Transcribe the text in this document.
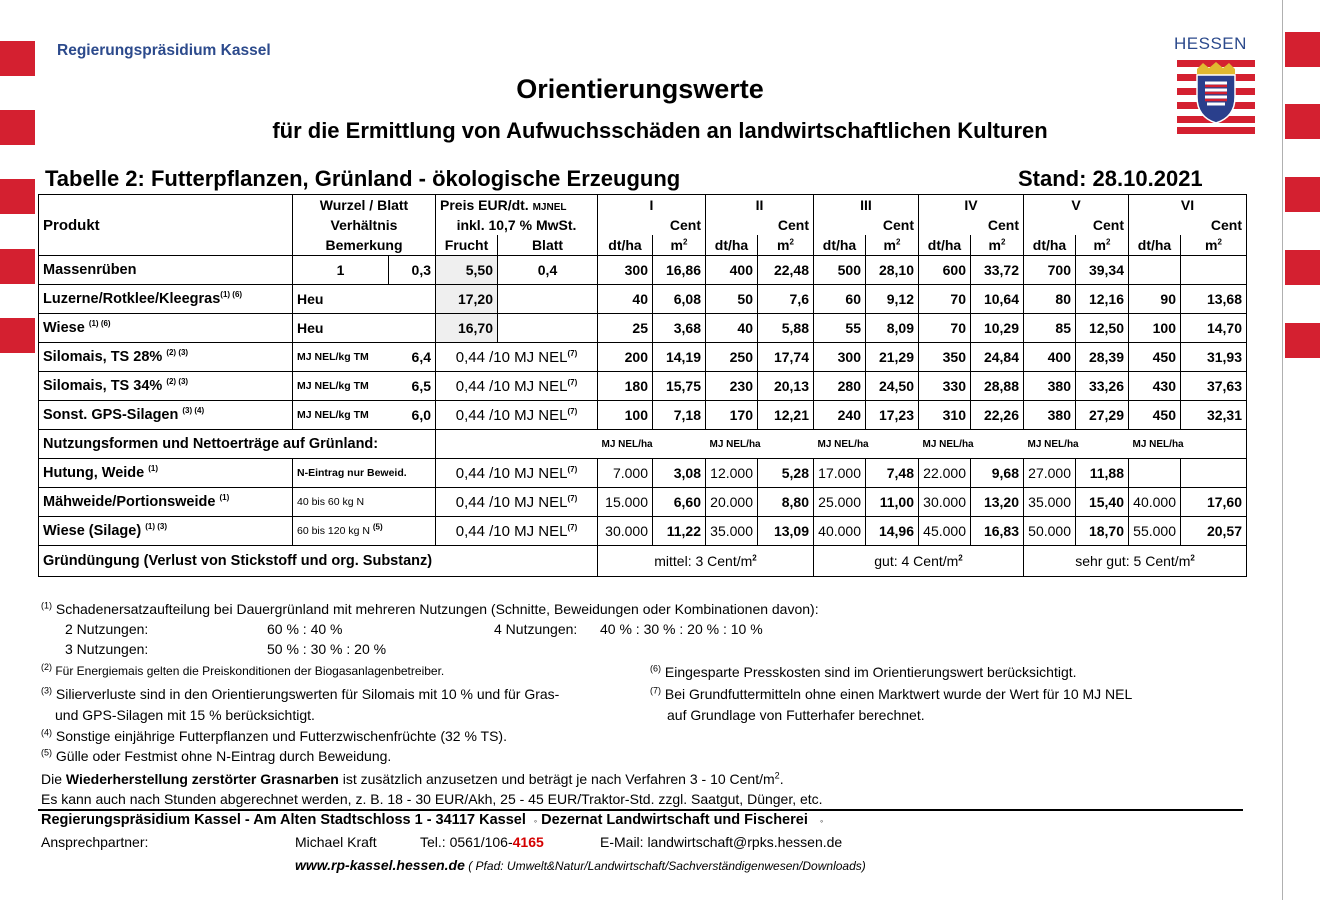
Regierungspräsidium Kassel	HESSEN
Orientierungswerte
für die Ermittlung von Aufwuchsschäden an landwirtschaftlichen Kulturen
Tabelle 2: Futterpflanzen, Grünland - ökologische Erzeugung	Stand: 28.10.2021
Produkt	Wurzel / Blatt		Preis EUR/dt. MJNEL		I		II		III		IV		V		VI	
	Verhältnis		inkl. 10,7 % MwSt.			Cent		Cent		Cent		Cent		Cent		Cent
	Bemerkung		Frucht	Blatt	dt/ha	$m^2$	dt/ha	$m^2$	dt/ha	$m^2$	dt/ha	$m^2$	dt/ha	$m^2$	dt/ha	$m^2$
Massenrüben	1	0,3	5,50	0,4	300	16,86	400	22,48	500	28,10	600	33,72	700	39,34		
Luzerne/Rotklee/Kleegras$^{(1) (6)}$	Heu		17,20		40	6,08	50	7,6	60	9,12	70	10,64	80	12,16	90	13,68
Wiese $^{(1) (6)}$	Heu		16,70		25	3,68	40	5,88	55	8,09	70	10,29	85	12,50	100	14,70
Silomais, TS 28% $^{(2) (3)}$	MJ NEL/kg TM	6,4	0,44 /10 MJ NEL$^{(7)}$		200	14,19	250	17,74	300	21,29	350	24,84	400	28,39	450	31,93
Silomais, TS 34% $^{(2) (3)}$	MJ NEL/kg TM	6,5	0,44 /10 MJ NEL$^{(7)}$		180	15,75	230	20,13	280	24,50	330	28,88	380	33,26	430	37,63
Sonst. GPS-Silagen $^{(3) (4)}$	MJ NEL/kg TM	6,0	0,44 /10 MJ NEL$^{(7)}$		100	7,18	170	12,21	240	17,23	310	22,26	380	27,29	450	32,31
Nutzungsformen und Nettoerträge auf Grünland:					MJ NEL/ha		MJ NEL/ha		MJ NEL/ha		MJ NEL/ha		MJ NEL/ha		MJ NEL/ha	
Hutung, Weide $^{(1)}$	N-Eintrag nur Beweid.		0,44 /10 MJ NEL$^{(7)}$		7.000	3,08	12.000	5,28	17.000	7,48	22.000	9,68	27.000	11,88		
Mähweide/Portionsweide $^{(1)}$	40 bis 60 kg N		0,44 /10 MJ NEL$^{(7)}$		15.000	6,60	20.000	8,80	25.000	11,00	30.000	13,20	35.000	15,40	40.000	17,60
Wiese (Silage) $^{(1) (3)}$	60 bis 120 kg N $^{(5)}$		0,44 /10 MJ NEL$^{(7)}$		30.000	11,22	35.000	13,09	40.000	14,96	45.000	16,83	50.000	18,70	55.000	20,57
Gründüngung (Verlust von Stickstoff und org. Substanz)					mittel: 3 Cent/$m^2$				gut: 4 Cent/$m^2$				sehr gut: 5 Cent/$m^2$
$^{(1)}$ Schadenersatzaufteilung bei Dauergrünland mit mehreren Nutzungen (Schnitte, Beweidungen oder Kombinationen davon):
2 Nutzungen:	60 % : 40 %	4 Nutzungen: 40 % : 30 % : 20 % : 10 %
3 Nutzungen:	50 % : 30 % : 20 %
$^{(2)}$ Für Energiemais gelten die Preiskonditionen der Biogasanlagenbetreiber.	$^{(6)}$ Eingesparte Presskosten sind im Orientierungswert berücksichtigt.
$^{(3)}$ Silierverluste sind in den Orientierungswerten für Silomais mit 10 % und für Gras-
und GPS-Silagen mit 15 % berücksichtigt.
$^{(7)}$ Bei Grundfuttermitteln ohne einen Marktwert wurde der Wert für 10 MJ NEL
auf Grundlage von Futterhafer berechnet.
$^{(4)}$ Sonstige einjährige Futterpflanzen und Futterzwischenfrüchte (32 % TS).
$^{(5)}$ Gülle oder Festmist ohne N-Eintrag durch Beweidung.
Die Wiederherstellung zerstörter Grasnarben ist zusätzlich anzusetzen und beträgt je nach Verfahren 3 - 10 Cent/$m^2$.
Es kann auch nach Stunden abgerechnet werden, z. B. 18 - 30 EUR/Akh, 25 - 45 EUR/Traktor-Std. zzgl. Saatgut, Dünger, etc.
Regierungspräsidium Kassel - Am Alten Stadtschloss 1 - 34117 Kassel ◦ Dezernat Landwirtschaft und Fischerei ◦
Ansprechpartner:	Michael Kraft	Tel.: 0561/106-4165	E-Mail: landwirtschaft@rpks.hessen.de
www.rp-kassel.hessen.de ( Pfad: Umwelt&Natur/Landwirtschaft/Sachverständigenwesen/Downloads)
